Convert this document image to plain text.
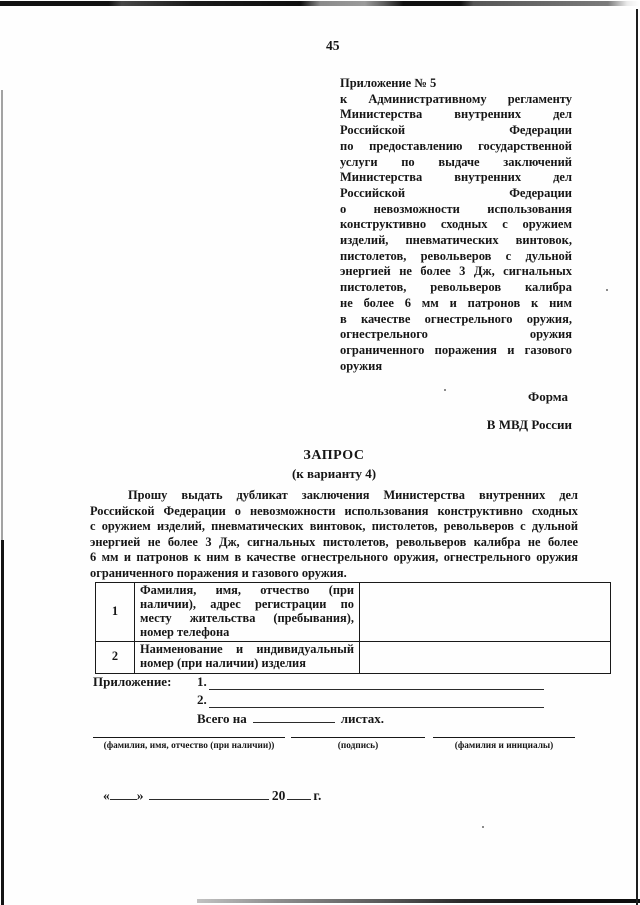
45
Приложение № 5
к Административному регламенту
Министерства внутренних дел
Российской Федерации
по предоставлению государственной
услуги по выдаче заключений
Министерства внутренних дел
Российской Федерации
о невозможности использования
конструктивно сходных с оружием
изделий, пневматических винтовок,
пистолетов, револьверов с дульной
энергией не более 3 Дж, сигнальных
пистолетов, револьверов калибра
не более 6 мм и патронов к ним
в качестве огнестрельного оружия,
огнестрельного оружия
ограниченного поражения и газового
оружия
Форма
В МВД России
ЗАПРОС
(к варианту 4)
Прошу выдать дубликат заключения Министерства внутренних дел
Российской Федерации о невозможности использования конструктивно сходных
с оружием изделий, пневматических винтовок, пистолетов, револьверов с дульной
энергией не более 3 Дж, сигнальных пистолетов, револьверов калибра не более
6 мм и патронов к ним в качестве огнестрельного оружия, огнестрельного оружия
ограниченного поражения и газового оружия.
1	Фамилия, имя, отчество (при наличии), адрес регистрации по месту жительства (пребывания), номер телефона	
2	Наименование и индивидуальный номер (при наличии) изделия	
Приложение: 1.
2.
Всего на	листах.
(фамилия, имя, отчество (при наличии))	(подпись)	(фамилия и инициалы)
« »	20 г.
